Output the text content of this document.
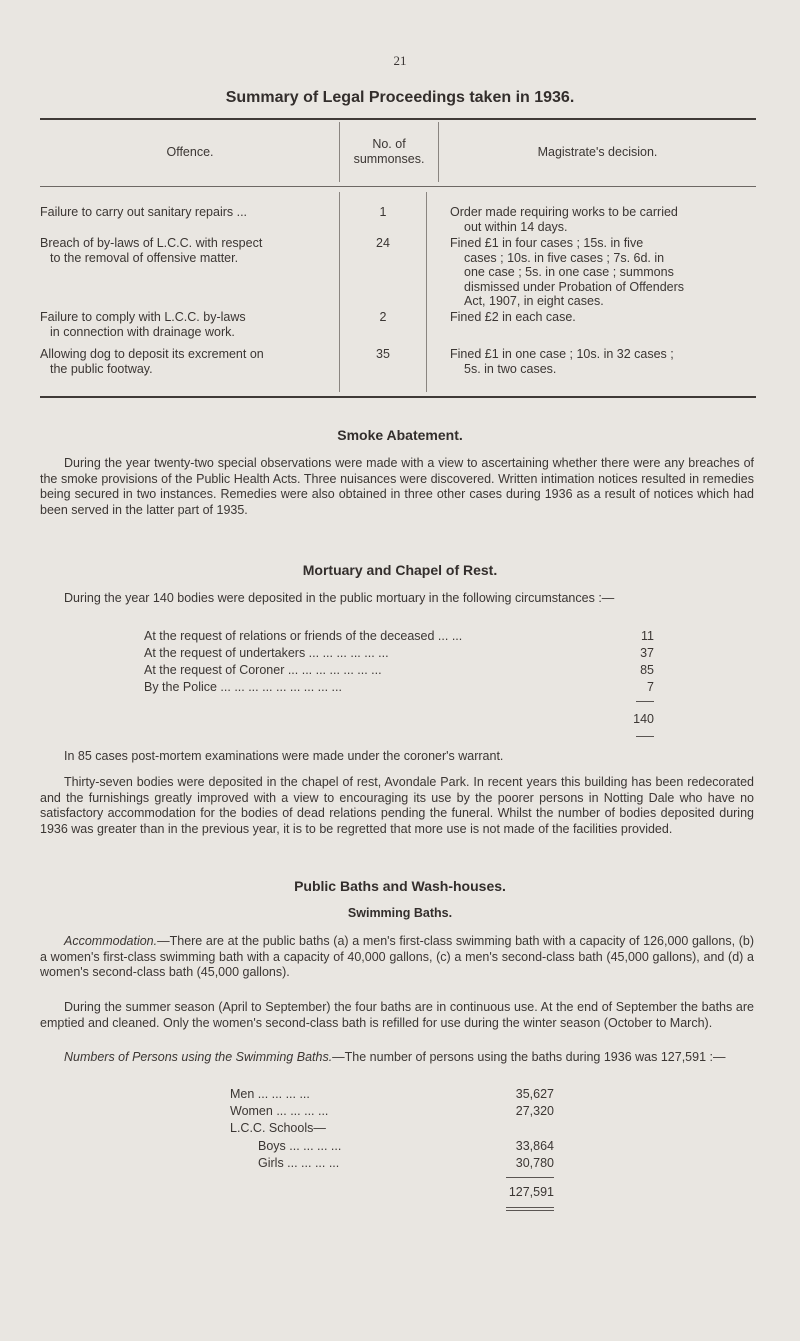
21
Summary of Legal Proceedings taken in 1936.
Offence.
No. of
summonses.	Magistrate's decision.
Failure to carry out sanitary repairs ...	1	Order made requiring works to be carried
out within 14 days.
Breach of by-laws of L.C.C. with respect
to the removal of offensive matter.
24	Fined £1 in four cases ; 15s. in five
cases ; 10s. in five cases ; 7s. 6d. in
one case ; 5s. in one case ; summons
dismissed under Probation of Offenders
Act, 1907, in eight cases.
Failure to comply with L.C.C. by-laws
in connection with drainage work.
2	Fined £2 in each case.
Allowing dog to deposit its excrement on
the public footway.
35	Fined £1 in one case ; 10s. in 32 cases ;
5s. in two cases.
Smoke Abatement.
During the year twenty-two special observations were made with a view to ascertaining whether there were any breaches of the smoke provisions of the Public Health Acts. Three nuisances were discovered. Written intimation notices resulted in remedies being secured in two instances. Remedies were also obtained in three other cases during 1936 as a result of notices which had been served in the latter part of 1935.
Mortuary and Chapel of Rest.
During the year 140 bodies were deposited in the public mortuary in the following circumstances :—
At the request of relations or friends of the deceased ... ...	11
At the request of undertakers ... ... ... ... ... ...	37
At the request of Coroner ... ... ... ... ... ... ...	85
By the Police ... ... ... ... ... ... ... ... ...	7
140
In 85 cases post-mortem examinations were made under the coroner's warrant.
Thirty-seven bodies were deposited in the chapel of rest, Avondale Park. In recent years this building has been redecorated and the furnishings greatly improved with a view to encouraging its use by the poorer persons in Notting Dale who have no satisfactory accommodation for the bodies of dead relations pending the funeral. Whilst the number of bodies deposited during 1936 was greater than in the previous year, it is to be regretted that more use is not made of the facilities provided.
Public Baths and Wash-houses.
Swimming Baths.
Accommodation.—There are at the public baths (a) a men's first-class swimming bath with a capacity of 126,000 gallons, (b) a women's first-class swimming bath with a capacity of 40,000 gallons, (c) a men's second-class bath (45,000 gallons), and (d) a women's second-class bath (45,000 gallons).
During the summer season (April to September) the four baths are in continuous use. At the end of September the baths are emptied and cleaned. Only the women's second-class bath is refilled for use during the winter season (October to March).
Numbers of Persons using the Swimming Baths.—The number of persons using the baths during 1936 was 127,591 :—
Men ... ... ... ...	35,627
Women ... ... ... ...	27,320
L.C.C. Schools—
Boys ... ... ... ...	33,864
Girls ... ... ... ...	30,780
127,591
